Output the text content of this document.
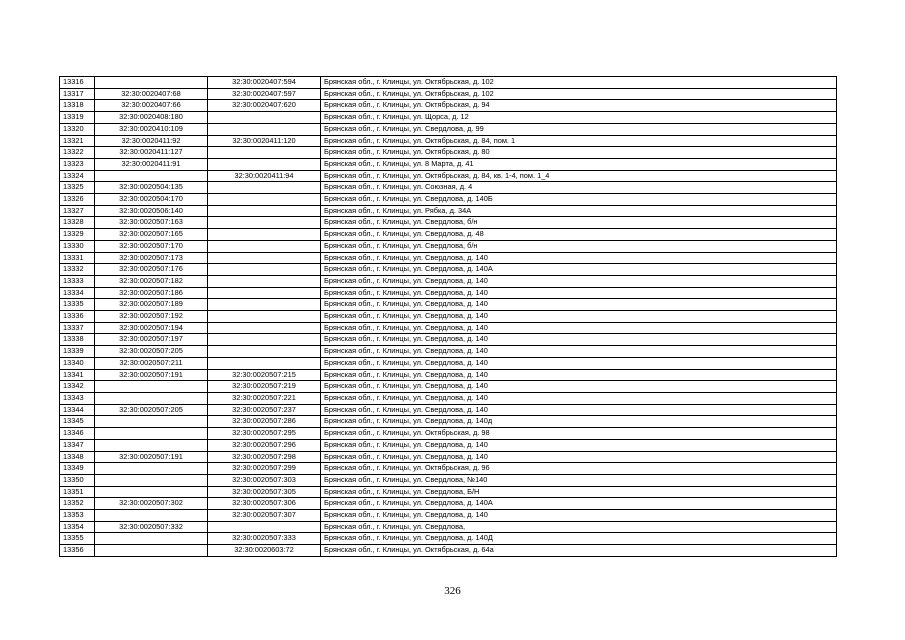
13316		32:30:0020407:594	Брянская обл., г. Клинцы, ул. Октябрьская, д. 102
13317	32:30:0020407:68	32:30:0020407:597	Брянская обл., г. Клинцы, ул. Октябрьская, д. 102
13318	32:30:0020407:66	32:30:0020407:620	Брянская обл., г. Клинцы, ул. Октябрьская, д. 94
13319	32:30:0020408:180		Брянская обл., г. Клинцы, ул. Щорса, д. 12
13320	32:30:0020410:109		Брянская обл., г. Клинцы, ул. Свердлова, д. 99
13321	32:30:0020411:92	32:30:0020411:120	Брянская обл., г. Клинцы, ул. Октябрьская, д. 84, пом. 1
13322	32:30:0020411:127		Брянская обл., г. Клинцы, ул. Октябрьская, д. 80
13323	32:30:0020411:91		Брянская обл., г. Клинцы, ул. 8 Марта, д. 41
13324		32:30:0020411:94	Брянская обл., г. Клинцы, ул. Октябрьская, д. 84, кв. 1-4, пом. 1_4
13325	32:30:0020504:135		Брянская обл., г. Клинцы, ул. Союзная, д. 4
13326	32:30:0020504:170		Брянская обл., г. Клинцы, ул. Свердлова, д. 140Б
13327	32:30:0020506:140		Брянская обл., г. Клинцы, ул. Рябка, д. 34А
13328	32:30:0020507:163		Брянская обл., г. Клинцы, ул. Свердлова, б/н
13329	32:30:0020507:165		Брянская обл., г. Клинцы, ул. Свердлова, д. 48
13330	32:30:0020507:170		Брянская обл., г. Клинцы, ул. Свердлова, б/н
13331	32:30:0020507:173		Брянская обл., г. Клинцы, ул. Свердлова, д. 140
13332	32:30:0020507:176		Брянская обл., г. Клинцы, ул. Свердлова, д. 140А
13333	32:30:0020507:182		Брянская обл., г. Клинцы, ул. Свердлова, д. 140
13334	32:30:0020507:186		Брянская обл., г. Клинцы, ул. Свердлова, д. 140
13335	32:30:0020507:189		Брянская обл., г. Клинцы, ул. Свердлова, д. 140
13336	32:30:0020507:192		Брянская обл., г. Клинцы, ул. Свердлова, д. 140
13337	32:30:0020507:194		Брянская обл., г. Клинцы, ул. Свердлова, д. 140
13338	32:30:0020507:197		Брянская обл., г. Клинцы, ул. Свердлова, д. 140
13339	32:30:0020507:205		Брянская обл., г. Клинцы, ул. Свердлова, д. 140
13340	32:30:0020507:211		Брянская обл., г. Клинцы, ул. Свердлова, д. 140
13341	32:30:0020507:191	32:30:0020507:215	Брянская обл., г. Клинцы, ул. Свердлова, д. 140
13342		32:30:0020507:219	Брянская обл., г. Клинцы, ул. Свердлова, д. 140
13343		32:30:0020507:221	Брянская обл., г. Клинцы, ул. Свердлова, д. 140
13344	32:30:0020507:205	32:30:0020507:237	Брянская обл., г. Клинцы, ул. Свердлова, д. 140
13345		32:30:0020507:286	Брянская обл., г. Клинцы, ул. Свердлова, д. 140д
13346		32:30:0020507:295	Брянская обл., г. Клинцы, ул. Октябрьская, д. 98
13347		32:30:0020507:296	Брянская обл., г. Клинцы, ул. Свердлова, д. 140
13348	32:30:0020507:191	32:30:0020507:298	Брянская обл., г. Клинцы, ул. Свердлова, д. 140
13349		32:30:0020507:299	Брянская обл., г. Клинцы, ул. Октябрьская, д. 96
13350		32:30:0020507:303	Брянская обл., г. Клинцы, ул. Свердлова, №140
13351		32:30:0020507:305	Брянская обл., г. Клинцы, ул. Свердлова, Б/Н
13352	32:30:0020507:302	32:30:0020507:306	Брянская обл., г. Клинцы, ул. Свердлова, д. 140А
13353		32:30:0020507:307	Брянская обл., г. Клинцы, ул. Свердлова, д. 140
13354	32:30:0020507:332		Брянская обл., г. Клинцы, ул. Свердлова,
13355		32:30:0020507:333	Брянская обл., г. Клинцы, ул. Свердлова, д. 140Д
13356		32:30:0020603:72	Брянская обл., г. Клинцы, ул. Октябрьская, д. 64а
326
